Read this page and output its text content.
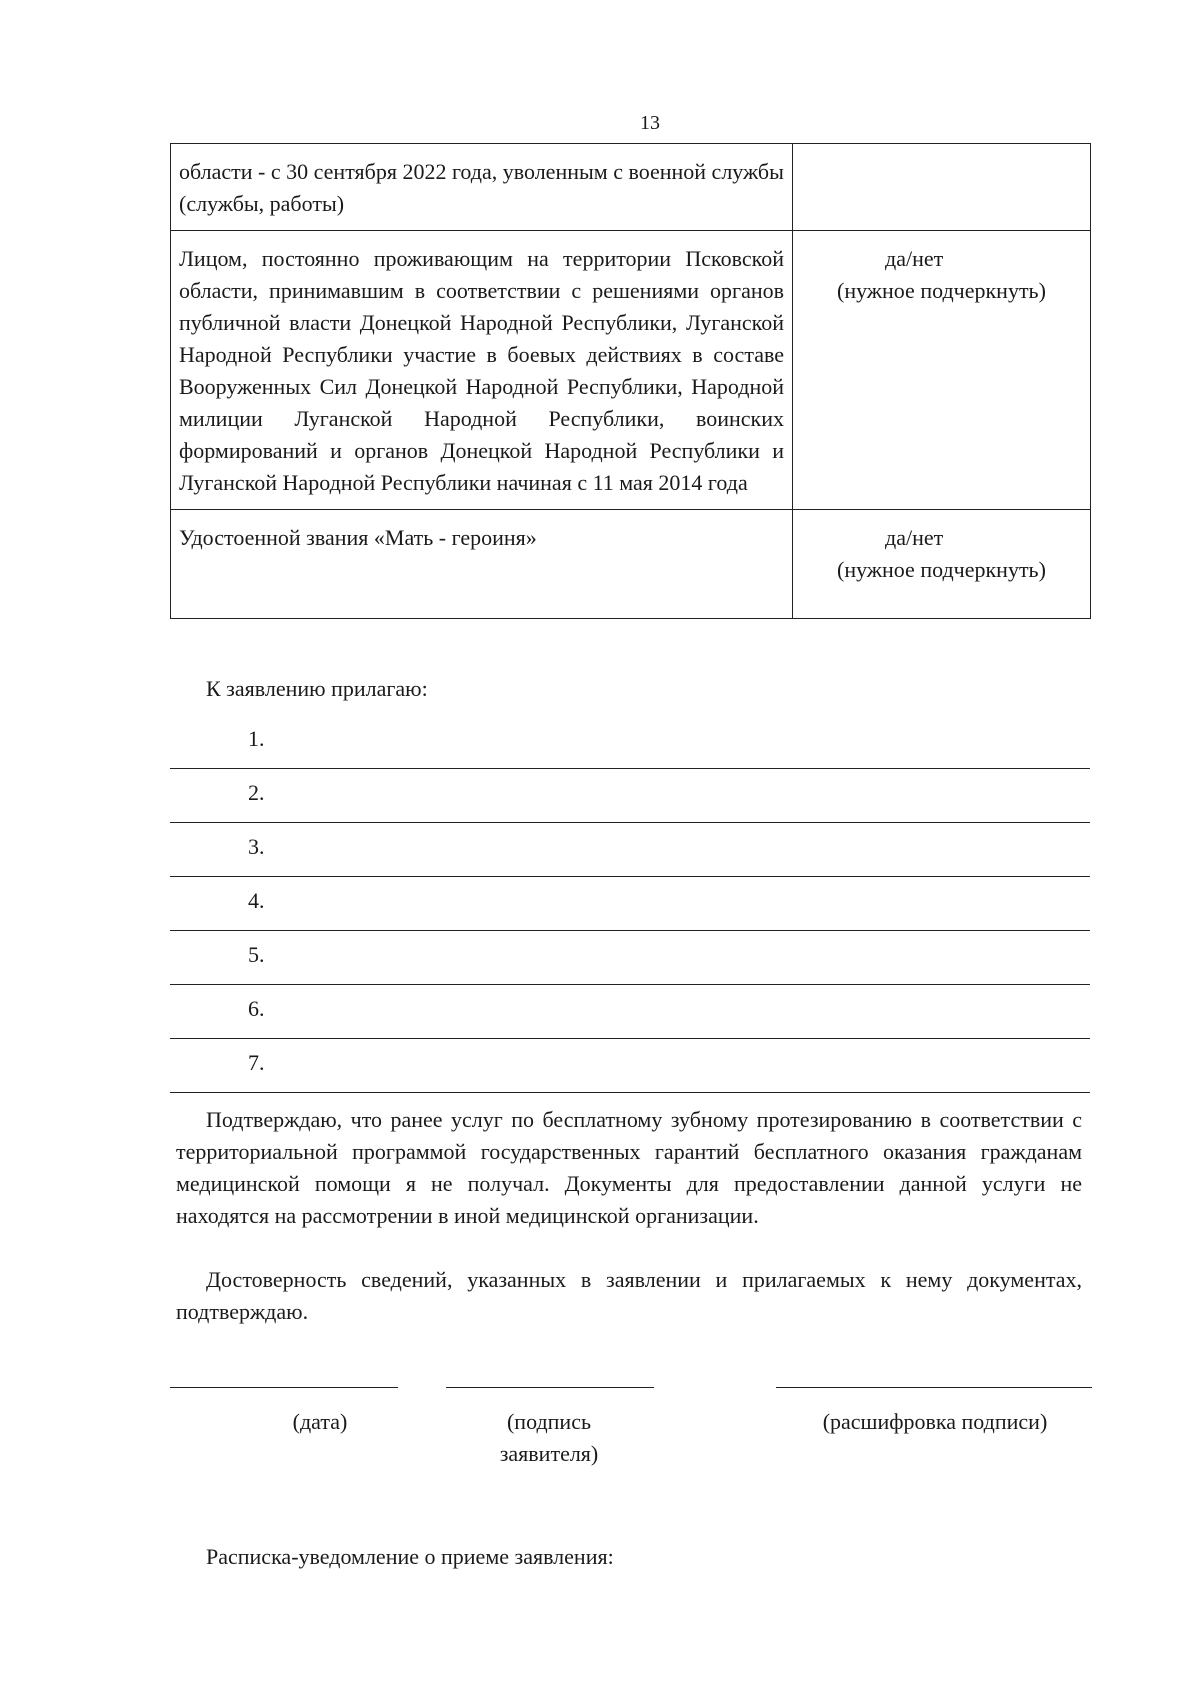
13
области - с 30 сентября 2022 года, уволенным с военной службы (службы, работы)	

Лицом, постоянно проживающим на территории Псковской области, принимавшим в соответствии с решениями органов публичной власти Донецкой Народной Республики, Луганской Народной Республики участие в боевых действиях в составе Вооруженных Сил Донецкой Народной Республики, Народной милиции Луганской Народной Республики, воинских формирований и органов Донецкой Народной Республики и Луганской Народной Республики начиная с 11 мая 2014 года	да/нет
(нужное подчеркнуть)

Удостоенной звания «Мать - героиня»	да/нет
(нужное подчеркнуть)
К заявлению прилагаю:
1.
2.
3.
4.
5.
6.
7.
Подтверждаю, что ранее услуг по бесплатному зубному протезированию в соответствии с территориальной программой государственных гарантий бесплатного оказания гражданам медицинской помощи я не получал. Документы для предоставлении данной услуги не находятся на рассмотрении в иной медицинской организации.
Достоверность сведений, указанных в заявлении и прилагаемых к нему документах, подтверждаю.
(дата)	(подпись заявителя)
(расшифровка подписи)
Расписка-уведомление о приеме заявления:
